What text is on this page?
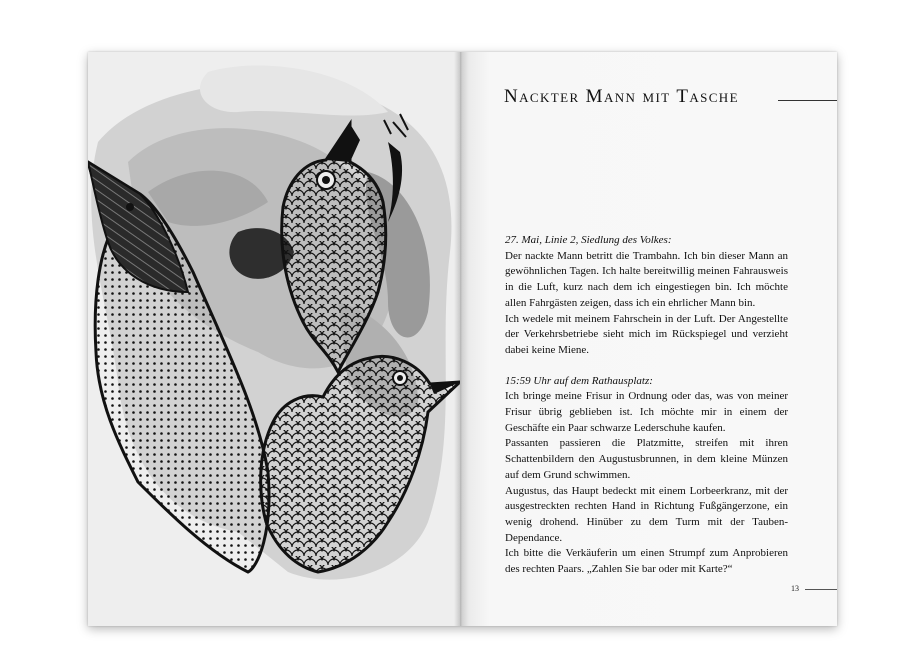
Nackter Mann mit Tasche

27. Mai, Linie 2, Siedlung des Volkes:

Der nackte Mann betritt die Trambahn. Ich bin dieser Mann an gewöhnlichen Tagen. Ich halte bereitwillig meinen Fahrausweis in die Luft, kurz nach dem ich eingestiegen bin. Ich möchte allen Fahrgästen zeigen, dass ich ein ehrlicher Mann bin.

Ich wedele mit meinem Fahrschein in der Luft. Der Angestellte der Verkehrsbetriebe sieht mich im Rückspiegel und verzieht dabei keine Miene.

15:59 Uhr auf dem Rathausplatz:

Ich bringe meine Frisur in Ordnung oder das, was von meiner Frisur übrig geblieben ist. Ich möchte mir in einem der Geschäfte ein Paar schwarze Lederschuhe kaufen.

Passanten passieren die Platzmitte, streifen mit ihren Schattenbildern den Augustusbrunnen, in dem kleine Münzen auf dem Grund schwimmen.

Augustus, das Haupt bedeckt mit einem Lorbeerkranz, mit der ausgestreckten rechten Hand in Richtung Fußgängerzone, ein wenig drohend. Hinüber zu dem Turm mit der Tauben-Dependance.

Ich bitte die Verkäuferin um einen Strumpf zum Anprobieren des rechten Paars. „Zahlen Sie bar oder mit Karte?“

13
